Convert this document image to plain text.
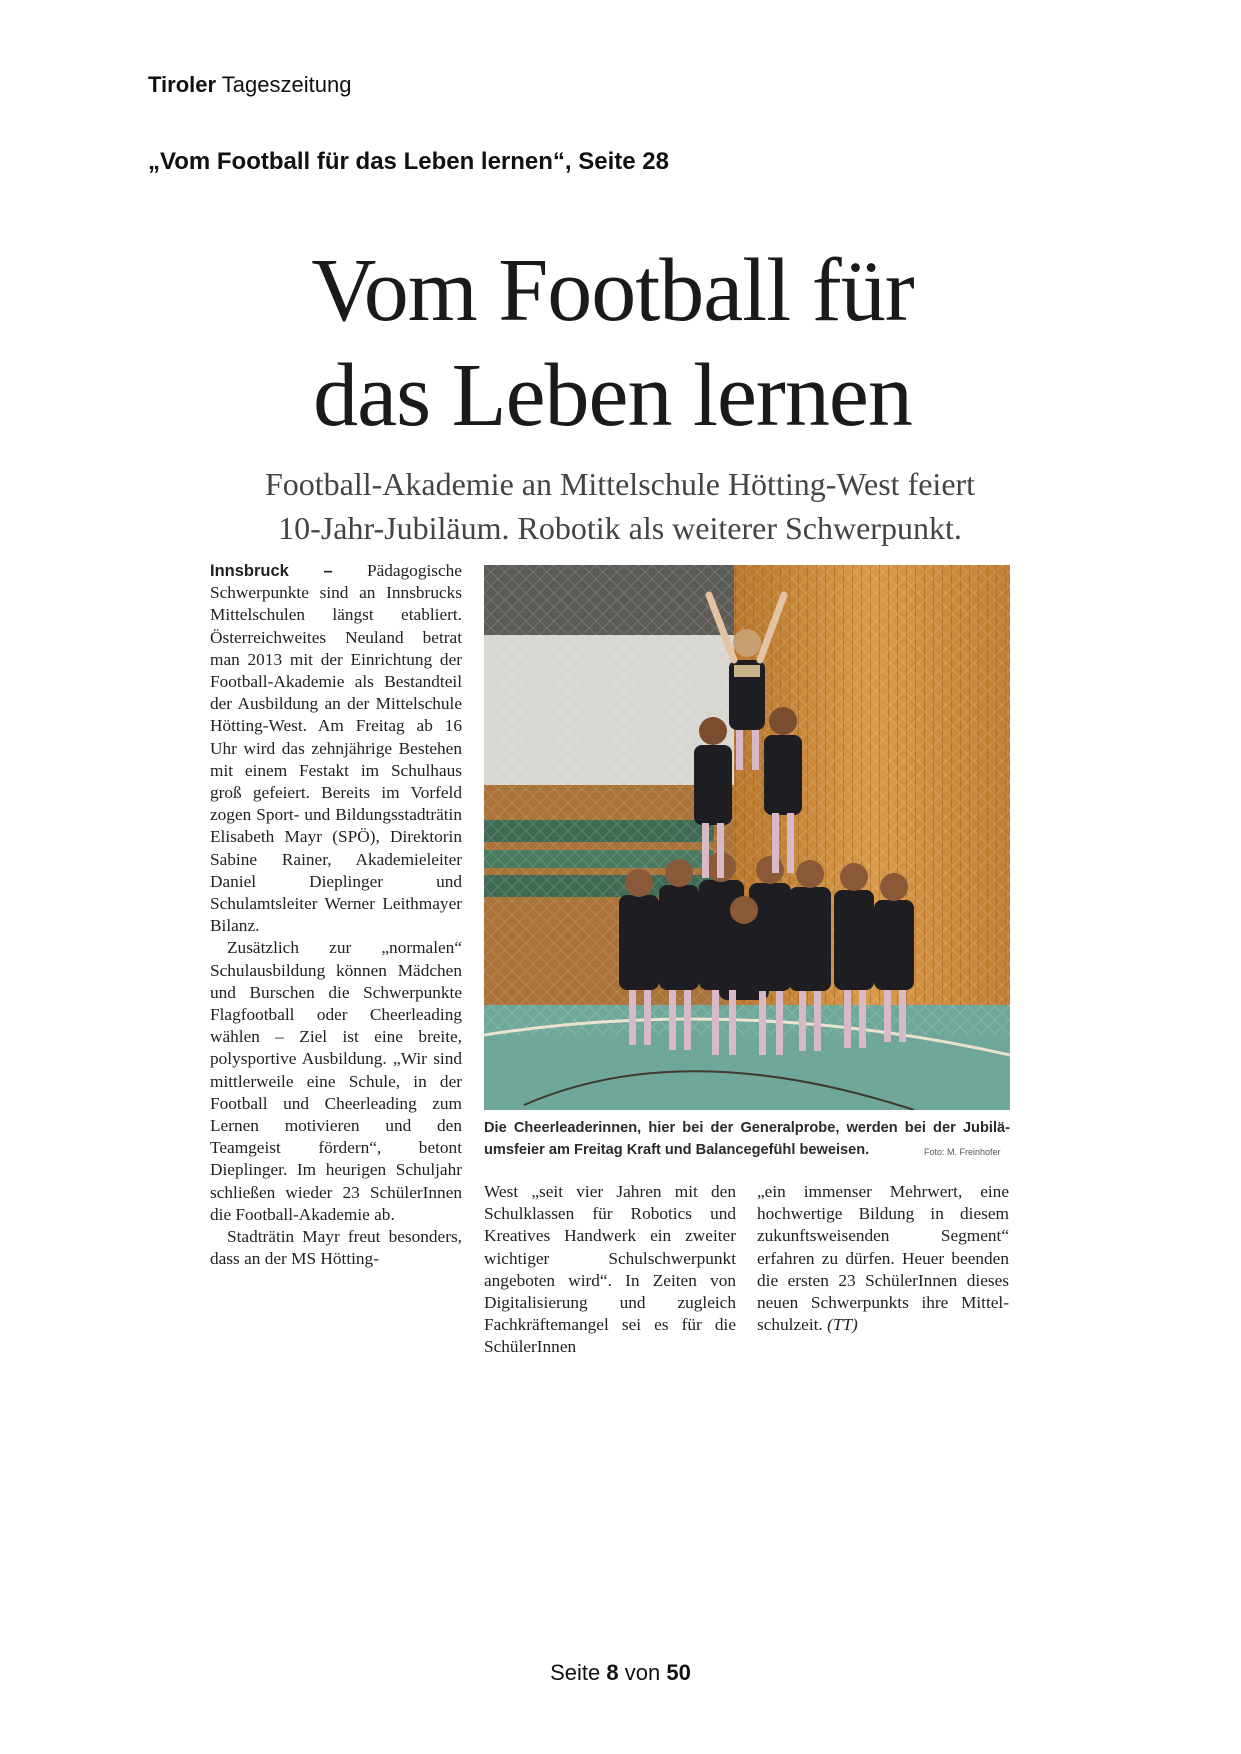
Tiroler Tageszeitung
„Vom Football für das Leben lernen“, Seite 28
Vom Football für
das Leben lernen
Football-Akademie an Mittelschule Hötting-West feiert
10-Jahr-Jubiläum. Robotik als weiterer Schwerpunkt.

Innsbruck – Pädagogische Schwerpunkte sind an Innsbrucks Mittelschulen längst etabliert. Österreichweites Neuland betrat man 2013 mit der Einrichtung der Football-Akademie als Bestandteil der Ausbildung an der Mittelschule Hötting-West. Am Freitag ab 16 Uhr wird das zehnjährige Bestehen mit einem Festakt im Schulhaus groß gefeiert. Bereits im Vorfeld zogen Sport- und Bildungsstadträtin Elisabeth Mayr (SPÖ), Direktorin Sabine Rainer, Akademieleiter Daniel Dieplinger und Schulamtsleiter Werner Leithmayer Bilanz.

Zusätzlich zur „normalen“ Schulausbildung können Mädchen und Burschen die Schwerpunkte Flagfootball oder Cheerleading wählen – Ziel ist eine breite, polysportive Ausbildung. „Wir sind mittlerweile eine Schule, in der Football und Cheerleading zum Lernen motivieren und den Teamgeist fördern“, betont Dieplinger. Im heurigen Schuljahr schließen wieder 23 SchülerInnen die Football-Akademie ab.

Stadträtin Mayr freut besonders, dass an der MS Hötting-

Die Cheerleaderinnen, hier bei der Generalprobe, werden bei der Jubiläumsfeier am Freitag Kraft und Balancegefühl beweisen.	Foto: M. Freinhofer

West „seit vier Jahren mit den Schulklassen für Robotics und Kreatives Handwerk ein zweiter wichtiger Schulschwerpunkt angeboten wird“. In Zeiten von Digitalisierung und zugleich Fachkräftemangel sei es für die SchülerInnen

„ein immenser Mehrwert, eine hochwertige Bildung in diesem zukunftsweisenden Segment“ erfahren zu dürfen. Heuer beenden die ersten 23 SchülerInnen dieses neuen Schwerpunkts ihre Mittelschulzeit. (TT)

Seite 8 von 50
